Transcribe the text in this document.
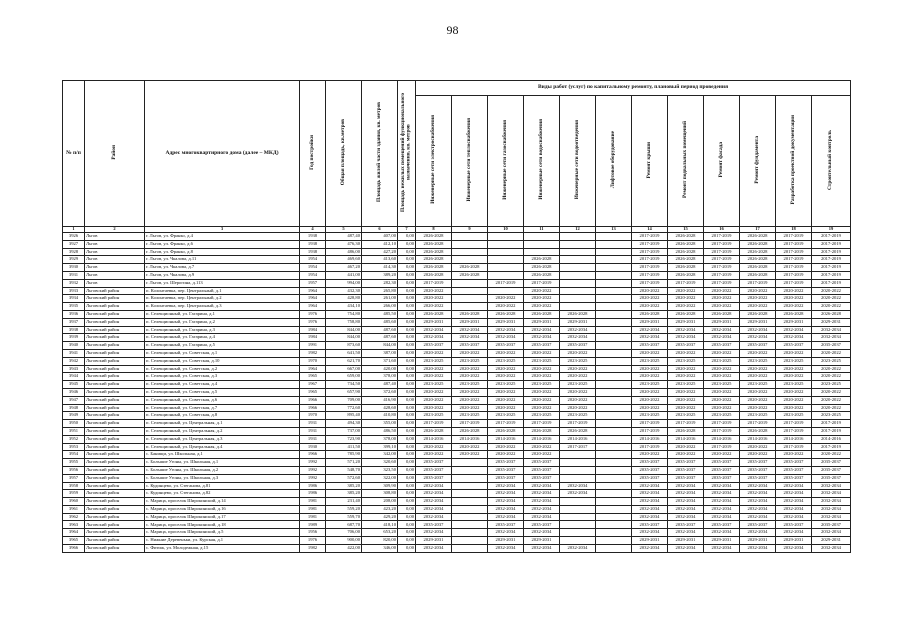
98
№ п/п	Район	Адрес многоквартирного дома (далее – МКД)	Год постройки	Общая площадь, кв.метров	Площадь жилой части здания, кв. метров	Площадь нежилых помещений функционального назначения, кв. метров	Виды работ (услуг) по капитальному ремонту, плановый период проведения											
							Инженерные сети электроснабжения	Инженерные сети теплоснабжения	Инженерные сети газоснабжения	Инженерные сети водоснабжения	Инженерные сети водоотведения	Лифтовое оборудование	Ремонт крыши	Ремонт подвальных помещений	Ремонт фасада	Ремонт фундамента	Разработка проектной документации	Строительный контроль
1	2	3	4	5	6	7	8	9	10	11	12	13	14	15	16	17	18	19
3926	Льгов	г. Льгов, ул. Франко, д.4	1938	487,40	407,00	0,00	2026-2028						2017-2019	2026-2028	2017-2019	2026-2028	2017-2019	2017-2019
3927	Льгов	г. Льгов, ул. Франко, д.6	1938	476,30	412,10	0,00	2026-2028						2017-2019	2026-2028	2017-2019	2026-2028	2017-2019	2017-2019
3928	Льгов	г. Льгов, ул. Франко, д.8	1938	486,00	427,20	0,00	2026-2028						2017-2019	2026-2028	2017-2019	2026-2028	2017-2019	2017-2019
3929	Льгов	г. Льгов, ул. Чкалова, д.11	1954	469,60	413,60	0,00	2026-2028			2026-2028			2017-2019	2026-2028	2017-2019	2026-2028	2017-2019	2017-2019
3930	Льгов	г. Льгов, ул. Чкалова, д.7	1954	467,20	414,30	0,00	2026-2028	2026-2028		2026-2028			2017-2019	2026-2028	2017-2019	2026-2028	2017-2019	2017-2019
3931	Льгов	г. Льгов, ул. Чкалова, д.9	1954	441,00	389,20	0,00	2026-2028	2026-2028		2026-2028			2017-2019	2026-2028	2017-2019	2026-2028	2017-2019	2017-2019
3932	Льгов	г. Льгов, ул. Шерогина, д.113	1957	994,00	282,30	0,00	2017-2019		2017-2019	2017-2019			2017-2019	2017-2019	2017-2019	2017-2019	2017-2019	2017-2019
3933	Льговский район	п. Колонтаевка, пер. Центральный, д.1	1964	432,30	265,80	0,00	2020-2022			2020-2022			2020-2022	2020-2022	2020-2022	2020-2022	2020-2022	2020-2022
3934	Льговский район	п. Колонтаевка, пер. Центральный, д.2	1964	428,80	261,00	0,00	2020-2022		2020-2022	2020-2022			2020-2022	2020-2022	2020-2022	2020-2022	2020-2022	2020-2022
3935	Льговский район	п. Колонтаевка, пер. Центральный, д.3	1964	434,10	266,00	0,00	2020-2022		2020-2022	2020-2022			2020-2022	2020-2022	2020-2022	2020-2022	2020-2022	2020-2022
3936	Льговский район	п. Селекционный, ул. Гагарина, д.1	1976	754,80	485,50	0,00	2026-2028	2026-2028	2026-2028	2026-2028	2026-2028		2026-2028	2026-2028	2026-2028	2026-2028	2026-2028	2026-2028
3937	Льговский район	п. Селекционный, ул. Гагарина, д.2	1976	758,80	485,60	0,00	2029-2031	2029-2031	2029-2031	2029-2031	2029-2031		2029-2031	2029-2031	2029-2031	2029-2031	2029-2031	2029-2031
3938	Льговский район	п. Селекционный, ул. Гагарина, д.3	1984	844,00	487,60	0,00	2032-2034	2032-2034	2032-2034	2032-2034	2032-2034		2032-2034	2032-2034	2032-2034	2032-2034	2032-2034	2032-2034
3939	Льговский район	п. Селекционный, ул. Гагарина, д.4	1984	844,00	487,60	0,00	2032-2034	2032-2034	2032-2034	2032-2034	2032-2034		2032-2034	2032-2034	2032-2034	2032-2034	2032-2034	2032-2034
3940	Льговский район	п. Селекционный, ул. Гагарина, д.5	1991	873,60	844,00	0,00	2035-2037	2035-2037	2035-2037	2035-2037	2035-2037		2035-2037	2035-2037	2035-2037	2035-2037	2035-2037	2035-2037
3941	Льговский район	п. Селекционный, ул. Советская, д.1	1982	641,50	387,00	0,00	2020-2022	2020-2022	2020-2022	2020-2022	2020-2022		2020-2022	2020-2022	2020-2022	2020-2022	2020-2022	2020-2022
3942	Льговский район	п. Селекционный, ул. Советская, д.10	1970	621,70	371,60	0,00	2023-2025	2023-2025	2023-2025	2023-2025	2023-2025		2023-2025	2023-2025	2023-2025	2023-2025	2023-2025	2023-2025
3943	Льговский район	п. Селекционный, ул. Советская, д.2	1964	667,00	420,00	0,00	2020-2022	2020-2022	2020-2022	2020-2022	2020-2022		2020-2022	2020-2022	2020-2022	2020-2022	2020-2022	2020-2022
3944	Льговский район	п. Селекционный, ул. Советская, д.3	1965	659,00	378,00	0,00	2020-2022	2020-2022	2020-2022	2020-2022	2020-2022		2020-2022	2020-2022	2020-2022	2020-2022	2020-2022	2020-2022
3945	Льговский район	п. Селекционный, ул. Советская, д.4	1967	734,50	487,40	0,00	2023-2025	2023-2025	2023-2025	2023-2025	2023-2025		2023-2025	2023-2025	2023-2025	2023-2025	2023-2025	2023-2025
3946	Льговский район	п. Селекционный, ул. Советская, д.5	1965	657,90	372,60	0,00	2020-2022	2020-2022	2020-2022	2020-2022	2020-2022		2020-2022	2020-2022	2020-2022	2020-2022	2020-2022	2020-2022
3947	Льговский район	п. Селекционный, ул. Советская, д.6	1966	709,00	416,90	0,00	2020-2022	2020-2022	2020-2022	2020-2022	2020-2022		2020-2022	2020-2022	2020-2022	2020-2022	2020-2022	2020-2022
3948	Льговский район	п. Селекционный, ул. Советская, д.7	1966	772,60	428,60	0,00	2020-2022	2020-2022	2020-2022	2020-2022	2020-2022		2020-2022	2020-2022	2020-2022	2020-2022	2020-2022	2020-2022
3949	Льговский район	п. Селекционный, ул. Советская, д.8	1970	895,40	410,80	0,00	2023-2025	2023-2025	2023-2025	2023-2025	2023-2025		2023-2025	2023-2025	2023-2025	2023-2025	2023-2025	2023-2025
3950	Льговский район	п. Селекционный, ул. Центральная, д.1	1931	494,30	355,00	0,00	2017-2019	2017-2019	2017-2019	2017-2019	2017-2019		2017-2019	2017-2019	2017-2019	2017-2019	2017-2019	2017-2019
3951	Льговский район	п. Селекционный, ул. Центральная, д.2	1931	737,00	486,50	0,00	2026-2028	2026-2028	2026-2028	2026-2028	2026-2028		2017-2019	2026-2028	2017-2019	2026-2028	2017-2019	2017-2019
3952	Льговский район	п. Селекционный, ул. Центральная, д.3	1931	723,90	378,00	0,00	2014-2016	2014-2016	2014-2016	2014-2016	2014-2016		2014-2016	2014-2016	2014-2016	2014-2016	2014-2016	2014-2016
3953	Льговский район	п. Селекционный, ул. Центральная, д.4	1930	411,50	399,10	0,00	2020-2022	2020-2022	2020-2022	2020-2022	2017-2017		2017-2019	2020-2022	2017-2019	2020-2022	2017-2019	2017-2019
3954	Льговский район	с. Банищи, ул. Школьная, д.1	1966	785,90	342,00	0,00	2020-2022	2020-2022	2020-2022	2020-2022			2020-2022	2020-2022	2020-2022	2020-2022	2020-2022	2020-2022
3955	Льговский район	с. Большие Угоны, ул. Школьная, д.1	1992	571,20	320,60	0,00	2035-2037		2035-2037	2035-2037			2035-2037	2035-2037	2035-2037	2035-2037	2035-2037	2035-2037
3956	Льговский район	с. Большие Угоны, ул. Школьная, д.2	1992	548,70	323,50	0,00	2035-2037		2035-2037	2035-2037			2035-2037	2035-2037	2035-2037	2035-2037	2035-2037	2035-2037
3957	Льговский район	с. Большие Угоны, ул. Школьная, д.3	1992	572,60	322,00	0,00	2035-2037		2035-2037	2035-2037			2035-2037	2035-2037	2035-2037	2035-2037	2035-2037	2035-2037
3958	Льговский район	с. Кудинцево, ул. Стеганова, д.81	1986	385,20	309,90	0,00	2032-2034		2032-2034	2032-2034	2032-2034		2032-2034	2032-2034	2032-2034	2032-2034	2032-2034	2032-2034
3959	Льговский район	с. Кудинцево, ул. Стеганова, д.82	1986	385,20	308,80	0,00	2032-2034		2032-2034	2032-2034	2032-2034		2032-2034	2032-2034	2032-2034	2032-2034	2032-2034	2032-2034
3960	Льговский район	с. Марица, проселок Широкинский, д.14	1981	231,40	208,00	0,00	2032-2034		2032-2034	2032-2034			2032-2034	2032-2034	2032-2034	2032-2034	2032-2034	2032-2034
3961	Льговский район	с. Марица, проселок Широкинский, д.16	1981	559,20	423,20	0,00	2032-2034		2032-2034	2032-2034			2032-2034	2032-2034	2032-2034	2032-2034	2032-2034	2032-2034
3962	Льговский район	с. Марица, проселок Широкинский, д.17	1981	559,70	429,20	0,00	2032-2034		2032-2034	2032-2034			2032-2034	2032-2034	2032-2034	2032-2034	2032-2034	2032-2034
3963	Льговский район	с. Марица, проселок Широкинский, д.18	1989	687,70	418,10	0,00	2035-2037		2035-2037	2035-2037			2035-2037	2035-2037	2035-2037	2035-2037	2035-2037	2035-2037
3964	Льговский район	с. Марица, проселок Широкинский, д.5	1956	706,00	653,20	0,00	2032-2034		2032-2034	2032-2034			2032-2034	2032-2034	2032-2034	2032-2034	2032-2034	2032-2034
3965	Льговский район	с. Нижние Деревеньки, ул. Курская, д.1	1976	900,00	820,00	0,00	2029-2031		2029-2031	2029-2031			2029-2031	2029-2031	2029-2031	2029-2031	2029-2031	2029-2031
3966	Льговский район	с. Фитиж, ул. Молодежная, д.15	1982	422,00	346,00	0,00	2032-2034		2032-2034	2032-2034	2032-2034		2032-2034	2032-2034	2032-2034	2032-2034	2032-2034	2032-2034
